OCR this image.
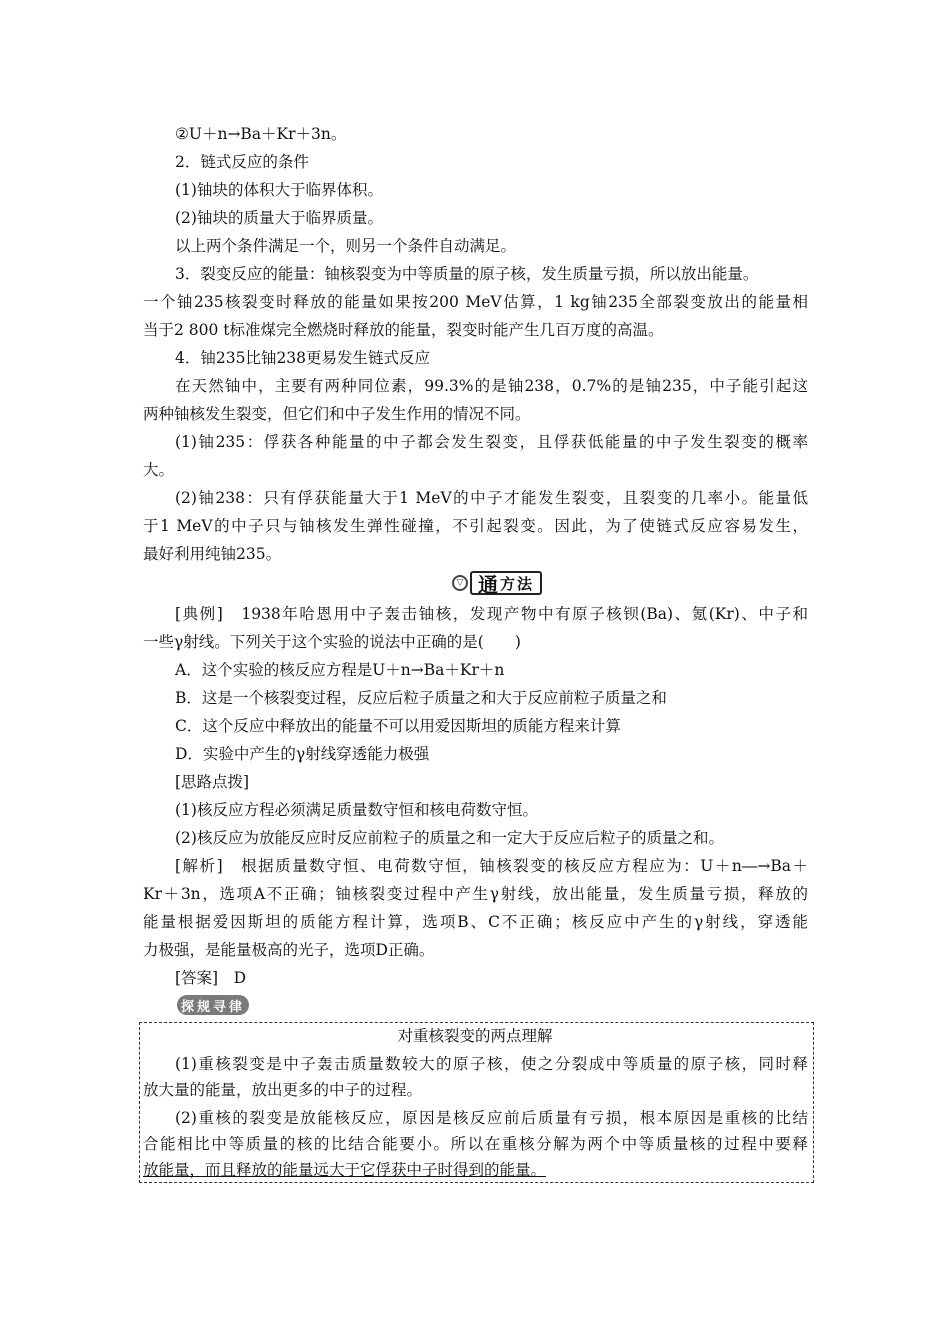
②U＋n→Ba＋Kr＋3n。
2．链式反应的条件
(1)铀块的体积大于临界体积。
(2)铀块的质量大于临界质量。
以上两个条件满足一个，则另一个条件自动满足。
3．裂变反应的能量：铀核裂变为中等质量的原子核，发生质量亏损，所以放出能量。
一个铀235核裂变时释放的能量如果按200 MeV估算，1 kg铀235全部裂变放出的能量相
当于2 800 t标准煤完全燃烧时释放的能量，裂变时能产生几百万度的高温。
4．铀235比铀238更易发生链式反应
在天然铀中，主要有两种同位素，99.3%的是铀238，0.7%的是铀235，中子能引起这
两种铀核发生裂变，但它们和中子发生作用的情况不同。
(1)铀235：俘获各种能量的中子都会发生裂变，且俘获低能量的中子发生裂变的概率
大。
(2)铀238：只有俘获能量大于1 MeV的中子才能发生裂变，且裂变的几率小。能量低
于1 MeV的中子只与铀核发生弹性碰撞，不引起裂变。因此，为了使链式反应容易发生，
最好利用纯铀235。
▽ 通 方法
[典例]　1938年哈恩用中子轰击铀核，发现产物中有原子核钡(Ba)、氪(Kr)、中子和
一些γ射线。下列关于这个实验的说法中正确的是(　　)
A．这个实验的核反应方程是U＋n→Ba＋Kr＋n
B．这是一个核裂变过程，反应后粒子质量之和大于反应前粒子质量之和
C．这个反应中释放出的能量不可以用爱因斯坦的质能方程来计算
D．实验中产生的γ射线穿透能力极强
[思路点拨]
(1)核反应方程必须满足质量数守恒和核电荷数守恒。
(2)核反应为放能反应时反应前粒子的质量之和一定大于反应后粒子的质量之和。
[解析]　根据质量数守恒、电荷数守恒，铀核裂变的核反应方程应为：U＋n―→Ba＋
Kr＋3n，选项A不正确；铀核裂变过程中产生γ射线，放出能量，发生质量亏损，释放的
能量根据爱因斯坦的质能方程计算，选项B、C不正确；核反应中产生的γ射线，穿透能
力极强，是能量极高的光子，选项D正确。
[答案]　D
探规寻律
对重核裂变的两点理解
(1)重核裂变是中子轰击质量数较大的原子核，使之分裂成中等质量的原子核，同时释
放大量的能量，放出更多的中子的过程。
(2)重核的裂变是放能核反应，原因是核反应前后质量有亏损，根本原因是重核的比结
合能相比中等质量的核的比结合能要小。所以在重核分解为两个中等质量核的过程中要释
放能量，而且释放的能量远大于它俘获中子时得到的能量。
